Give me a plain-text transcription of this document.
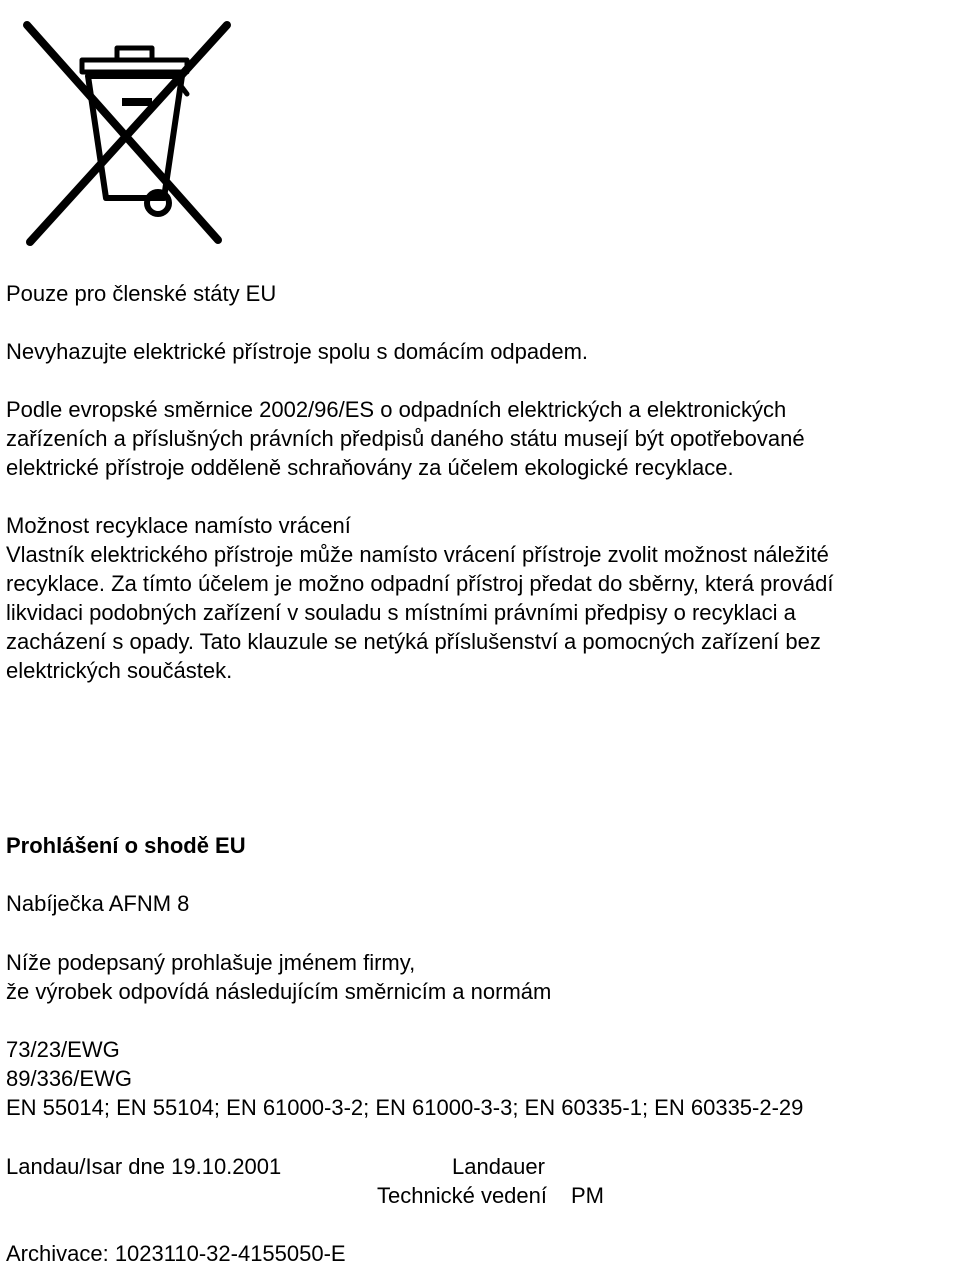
Pouze pro členské státy EU

Nevyhazujte elektrické přístroje spolu s domácím odpadem.

Podle evropské směrnice 2002/96/ES o odpadních elektrických a elektronických

zařízeních a příslušných právních předpisů daného státu musejí být opotřebované

elektrické přístroje odděleně schraňovány za účelem ekologické recyklace.

Možnost recyklace namísto vrácení

Vlastník elektrického přístroje může namísto vrácení přístroje zvolit možnost náležité

recyklace. Za tímto účelem je možno odpadní přístroj předat do sběrny, která provádí

likvidaci podobných zařízení v souladu s místními právními předpisy o recyklaci a

zacházení s opady. Tato klauzule se netýká příslušenství a pomocných zařízení bez

elektrických součástek.

Prohlášení o shodě EU

Nabíječka AFNM 8

Níže podepsaný prohlašuje jménem firmy,

že výrobek odpovídá následujícím směrnicím a normám

73/23/EWG

89/336/EWG

EN 55014; EN 55104; EN 61000-3-2; EN 61000-3-3; EN 60335-1; EN 60335-2-29

Landau/Isar dne 19.10.2001	Landauer
Technické vedení PM

Archivace: 1023110-32-4155050-E
